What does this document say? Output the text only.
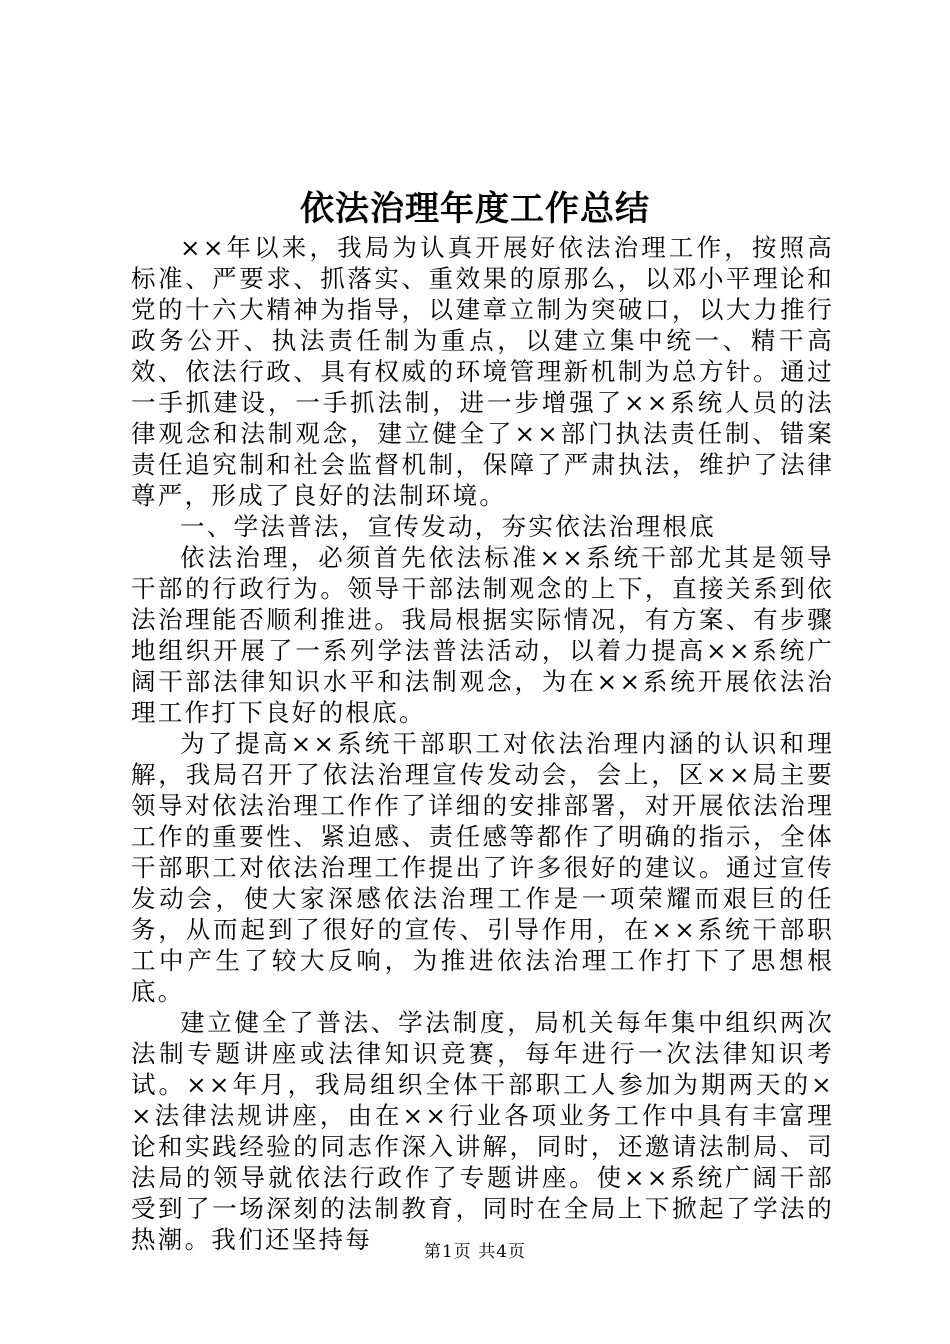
依法治理年度工作总结

××年以来，我局为认真开展好依法治理工作，按照高标准、严要求、抓落实、重效果的原那么，以邓小平理论和党的十六大精神为指导，以建章立制为突破口，以大力推行政务公开、执法责任制为重点，以建立集中统一、精干高效、依法行政、具有权威的环境管理新机制为总方针。通过一手抓建设，一手抓法制，进一步增强了××系统人员的法律观念和法制观念，建立健全了××部门执法责任制、错案责任追究制和社会监督机制，保障了严肃执法，维护了法律尊严，形成了良好的法制环境。

一、学法普法，宣传发动，夯实依法治理根底

依法治理，必须首先依法标准××系统干部尤其是领导干部的行政行为。领导干部法制观念的上下，直接关系到依法治理能否顺利推进。我局根据实际情况，有方案、有步骤地组织开展了一系列学法普法活动，以着力提高××系统广阔干部法律知识水平和法制观念，为在××系统开展依法治理工作打下良好的根底。

为了提高××系统干部职工对依法治理内涵的认识和理解，我局召开了依法治理宣传发动会，会上，区××局主要领导对依法治理工作作了详细的安排部署，对开展依法治理工作的重要性、紧迫感、责任感等都作了明确的指示，全体干部职工对依法治理工作提出了许多很好的建议。通过宣传发动会，使大家深感依法治理工作是一项荣耀而艰巨的任务，从而起到了很好的宣传、引导作用，在××系统干部职工中产生了较大反响，为推进依法治理工作打下了思想根底。

建立健全了普法、学法制度，局机关每年集中组织两次法制专题讲座或法律知识竞赛，每年进行一次法律知识考试。××年月，我局组织全体干部职工人参加为期两天的××法律法规讲座，由在××行业各项业务工作中具有丰富理论和实践经验的同志作深入讲解，同时，还邀请法制局、司法局的领导就依法行政作了专题讲座。使××系统广阔干部受到了一场深刻的法制教育，同时在全局上下掀起了学法的热潮。我们还坚持每	第1页 共4页
